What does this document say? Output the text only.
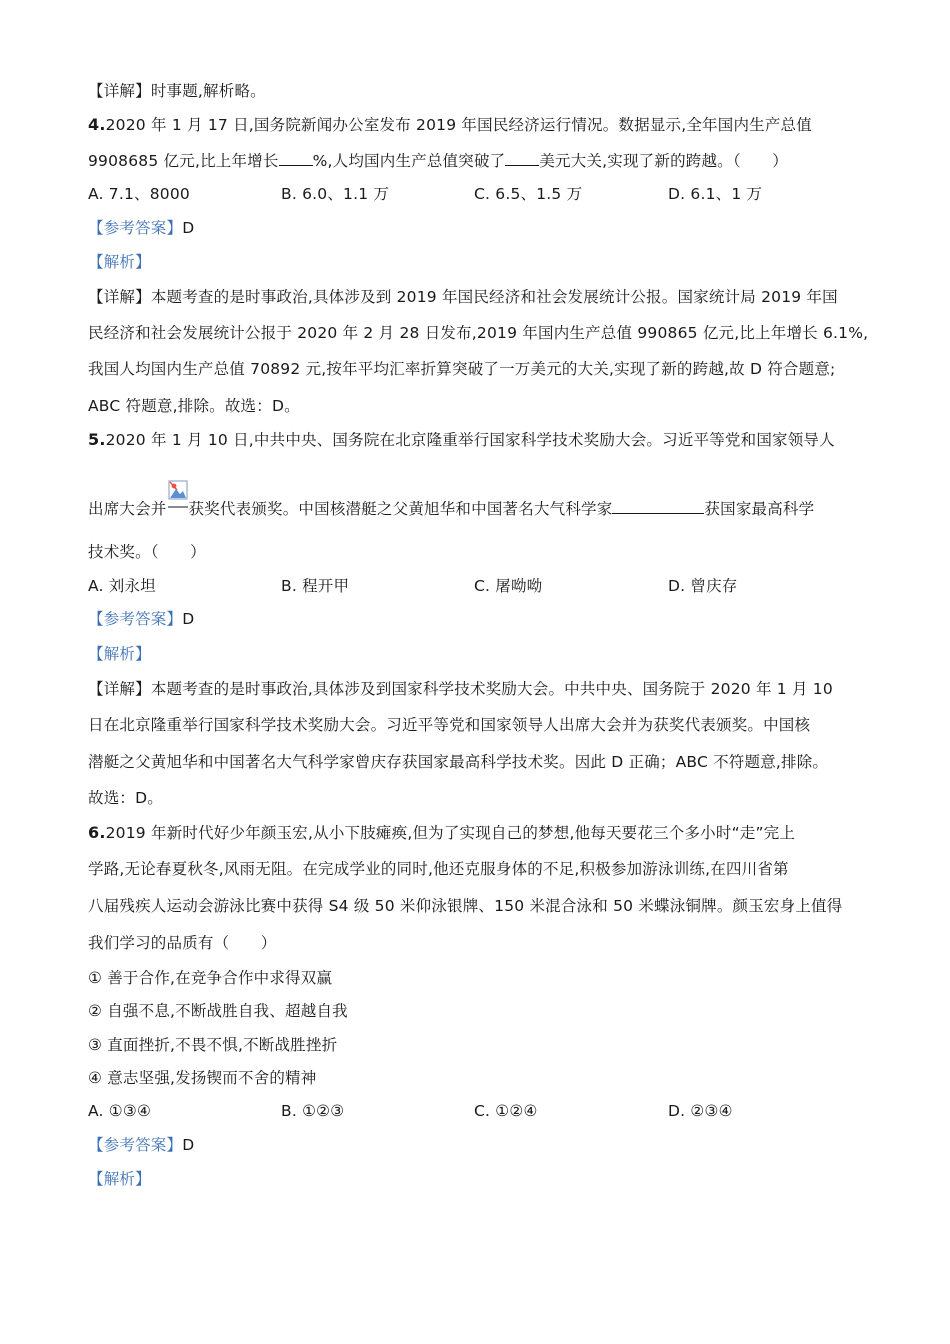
【详解】时事题,解析略。
4.2020 年 1 月 17 日,国务院新闻办公室发布 2019 年国民经济运行情况。数据显示,全年国内生产总值
9908685 亿元,比上年增长 %,人均国内生产总值突破了 美元大关,实现了新的跨越。（　　）
A. 7.1、8000	B. 6.0、1.1 万	C. 6.5、1.5 万	D. 6.1、1 万
【参考答案】D
【解析】
【详解】本题考查的是时事政治,具体涉及到 2019 年国民经济和社会发展统计公报。国家统计局 2019 年国
民经济和社会发展统计公报于 2020 年 2 月 28 日发布,2019 年国内生产总值 990865 亿元,比上年增长 6.1%,
我国人均国内生产总值 70892 元,按年平均汇率折算突破了一万美元的大关,实现了新的跨越,故 D 符合题意;
ABC 符题意,排除。故选：D。
5.2020 年 1 月 10 日,中共中央、国务院在北京隆重举行国家科学技术奖励大会。习近平等党和国家领导人
出席大会并 获奖代表颁奖。中国核潜艇之父黄旭华和中国著名大气科学家	获国家最高科学
技术奖。（　　）
A. 刘永坦	B. 程开甲	C. 屠呦呦	D. 曾庆存
【参考答案】D
【解析】
【详解】本题考查的是时事政治,具体涉及到国家科学技术奖励大会。中共中央、国务院于 2020 年 1 月 10
日在北京隆重举行国家科学技术奖励大会。习近平等党和国家领导人出席大会并为获奖代表颁奖。中国核
潜艇之父黄旭华和中国著名大气科学家曾庆存获国家最高科学技术奖。因此 D 正确；ABC 不符题意,排除。
故选：D。
6.2019 年新时代好少年颜玉宏,从小下肢瘫痪,但为了实现自己的梦想,他每天要花三个多小时“走”完上
学路,无论春夏秋冬,风雨无阻。在完成学业的同时,他还克服身体的不足,积极参加游泳训练,在四川省第
八届残疾人运动会游泳比赛中获得 S4 级 50 米仰泳银牌、150 米混合泳和 50 米蝶泳铜牌。颜玉宏身上值得
我们学习的品质有（　　）
① 善于合作,在竞争合作中求得双赢
② 自强不息,不断战胜自我、超越自我
③ 直面挫折,不畏不惧,不断战胜挫折
④ 意志坚强,发扬锲而不舍的精神
A. ①③④	B. ①②③	C. ①②④	D. ②③④
【参考答案】D
【解析】
